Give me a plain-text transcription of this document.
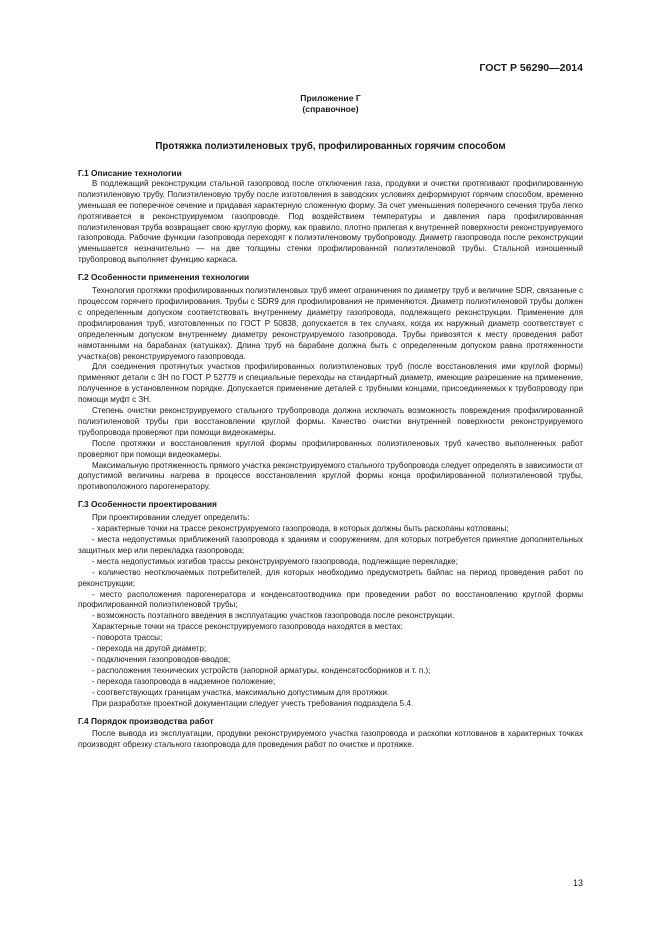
ГОСТ Р 56290—2014
Приложение Г
(справочное)
Протяжка полиэтиленовых труб, профилированных горячим способом
Г.1 Описание технологии

В подлежащий реконструкции стальной газопровод после отключения газа, продувки и очистки протягивают профилированную полиэтиленовую трубу. Полиэтиленовую трубу после изготовления в заводских условиях деформируют горячим способом, временно уменьшая ее поперечное сечение и придавая характерную сложенную форму. За счет уменьшения поперечного сечения труба легко протягивается в реконструируемом газопроводе. Под воздействием температуры и давления пара профилированная полиэтиленовая труба возвращает свою круглую форму, как правило, плотно прилегая к внутренней поверхности реконструируемого газопровода. Рабочие функции газопровода переходят к полиэтиленовому трубопроводу. Диаметр газопровода после реконструкции уменьшается незначительно — на две толщины стенки профилированной полиэтиленовой трубы. Стальной изношенный трубопровод выполняет функцию каркаса.

Г.2 Особенности применения технологии

Технология протяжки профилированных полиэтиленовых труб имеет ограничения по диаметру труб и величине SDR, связанные с процессом горячего профилирования. Трубы с SDR9 для профилирования не применяются. Диаметр полиэтиленовой трубы должен с определенным допуском соответствовать внутреннему диаметру газопровода, подлежащего реконструкции. Применение для профилирования труб, изготовленных по ГОСТ Р 50838, допускается в тех случаях, когда их наружный диаметр соответствует с определенным допуском внутреннему диаметру реконструируемого газопровода. Трубы привозятся к месту проведения работ намотанными на барабанах (катушках). Длина труб на барабане должна быть с определенным допуском равна протяженности участка(ов) реконструируемого газопровода.

Для соединения протянутых участков профилированных полиэтиленовых труб (после восстановления ими круглой формы) применяют детали с ЗН по ГОСТ Р 52779 и специальные переходы на стандартный диаметр, имеющие разрешение на применение, полученное в установленном порядке. Допускается применение деталей с трубными концами, присоединяемых к трубопроводу при помощи муфт с ЗН.

Степень очистки реконструируемого стального трубопровода должна исключать возможность повреждения профилированной полиэтиленовой трубы при восстановлении круглой формы. Качество очистки внутренней поверхности реконструируемого трубопровода проверяют при помощи видеокамеры.

После протяжки и восстановления круглой формы профилированных полиэтиленовых труб качество выполненных работ проверяют при помощи видеокамеры.

Максимальную протяженность прямого участка реконструируемого стального трубопровода следует определять в зависимости от допустимой величины нагрева в процессе восстановления круглой формы конца профилированной полиэтиленовой трубы, противоположного парогенератору.

Г.3 Особенности проектирования

При проектировании следует определить:

- характерные точки на трассе реконструируемого газопровода, в которых должны быть раскопаны котлованы;

- места недопустимых приближений газопровода к зданиям и сооружениям, для которых потребуется принятие дополнительных защитных мер или перекладка газопровода;

- места недопустимых изгибов трассы реконструируемого газопровода, подлежащие перекладке;

- количество неотключаемых потребителей, для которых необходимо предусмотреть байпас на период проведения работ по реконструкции;

- место расположения парогенератора и конденсатоотводчика при проведении работ по восстановлению круглой формы профилированной полиэтиленовой трубы;

- возможность поэтапного введения в эксплуатацию участков газопровода после реконструкции.

Характерные точки на трассе реконструируемого газопровода находятся в местах:

- поворота трассы;

- перехода на другой диаметр;

- подключения газопроводов-вводов;

- расположения технических устройств (запорной арматуры, конденсатосборников и т. п.);

- перехода газопровода в надземное положение;

- соответствующих границам участка, максимально допустимым для протяжки.

При разработке проектной документации следует учесть требования подраздела 5.4.

Г.4 Порядок производства работ

После вывода из эксплуатации, продувки реконструируемого участка газопровода и раскопки котлованов в характерных точках производят обрезку стального газопровода для проведения работ по очистке и протяжке.

13
